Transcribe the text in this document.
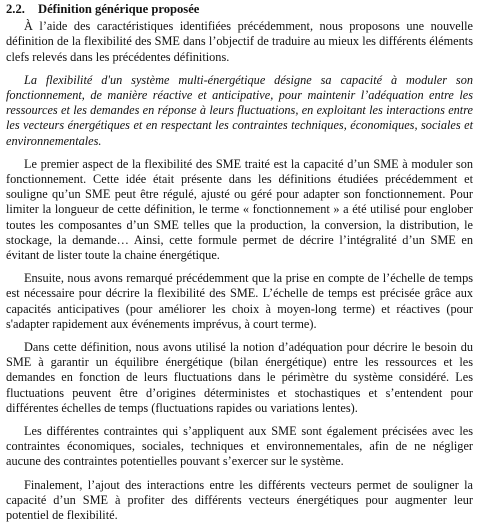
2.2. Définition générique proposée

À l’aide des caractéristiques identifiées précédemment, nous proposons une nouvelle définition de la flexibilité des SME dans l’objectif de traduire au mieux les différents éléments clefs relevés dans les précédentes définitions.

La flexibilité d'un système multi-énergétique désigne sa capacité à moduler son fonctionnement, de manière réactive et anticipative, pour maintenir l’adéquation entre les ressources et les demandes en réponse à leurs fluctuations, en exploitant les interactions entre les vecteurs énergétiques et en respectant les contraintes techniques, économiques, sociales et environnementales.

Le premier aspect de la flexibilité des SME traité est la capacité d’un SME à moduler son fonctionnement. Cette idée était présente dans les définitions étudiées précédemment et souligne qu’un SME peut être régulé, ajusté ou géré pour adapter son fonctionnement. Pour limiter la longueur de cette définition, le terme « fonctionnement » a été utilisé pour englober toutes les composantes d’un SME telles que la production, la conversion, la distribution, le stockage, la demande… Ainsi, cette formule permet de décrire l’intégralité d’un SME en évitant de lister toute la chaine énergétique.

Ensuite, nous avons remarqué précédemment que la prise en compte de l’échelle de temps est nécessaire pour décrire la flexibilité des SME. L’échelle de temps est précisée grâce aux capacités anticipatives (pour améliorer les choix à moyen-long terme) et réactives (pour s'adapter rapidement aux événements imprévus, à court terme).

Dans cette définition, nous avons utilisé la notion d’adéquation pour décrire le besoin du SME à garantir un équilibre énergétique (bilan énergétique) entre les ressources et les demandes en fonction de leurs fluctuations dans le périmètre du système considéré. Les fluctuations peuvent être d’origines déterministes et stochastiques et s’entendent pour différentes échelles de temps (fluctuations rapides ou variations lentes).

Les différentes contraintes qui s’appliquent aux SME sont également précisées avec les contraintes économiques, sociales, techniques et environnementales, afin de ne négliger aucune des contraintes potentielles pouvant s’exercer sur le système.

Finalement, l’ajout des interactions entre les différents vecteurs permet de souligner la capacité d’un SME à profiter des différents vecteurs énergétiques pour augmenter leur potentiel de flexibilité.
